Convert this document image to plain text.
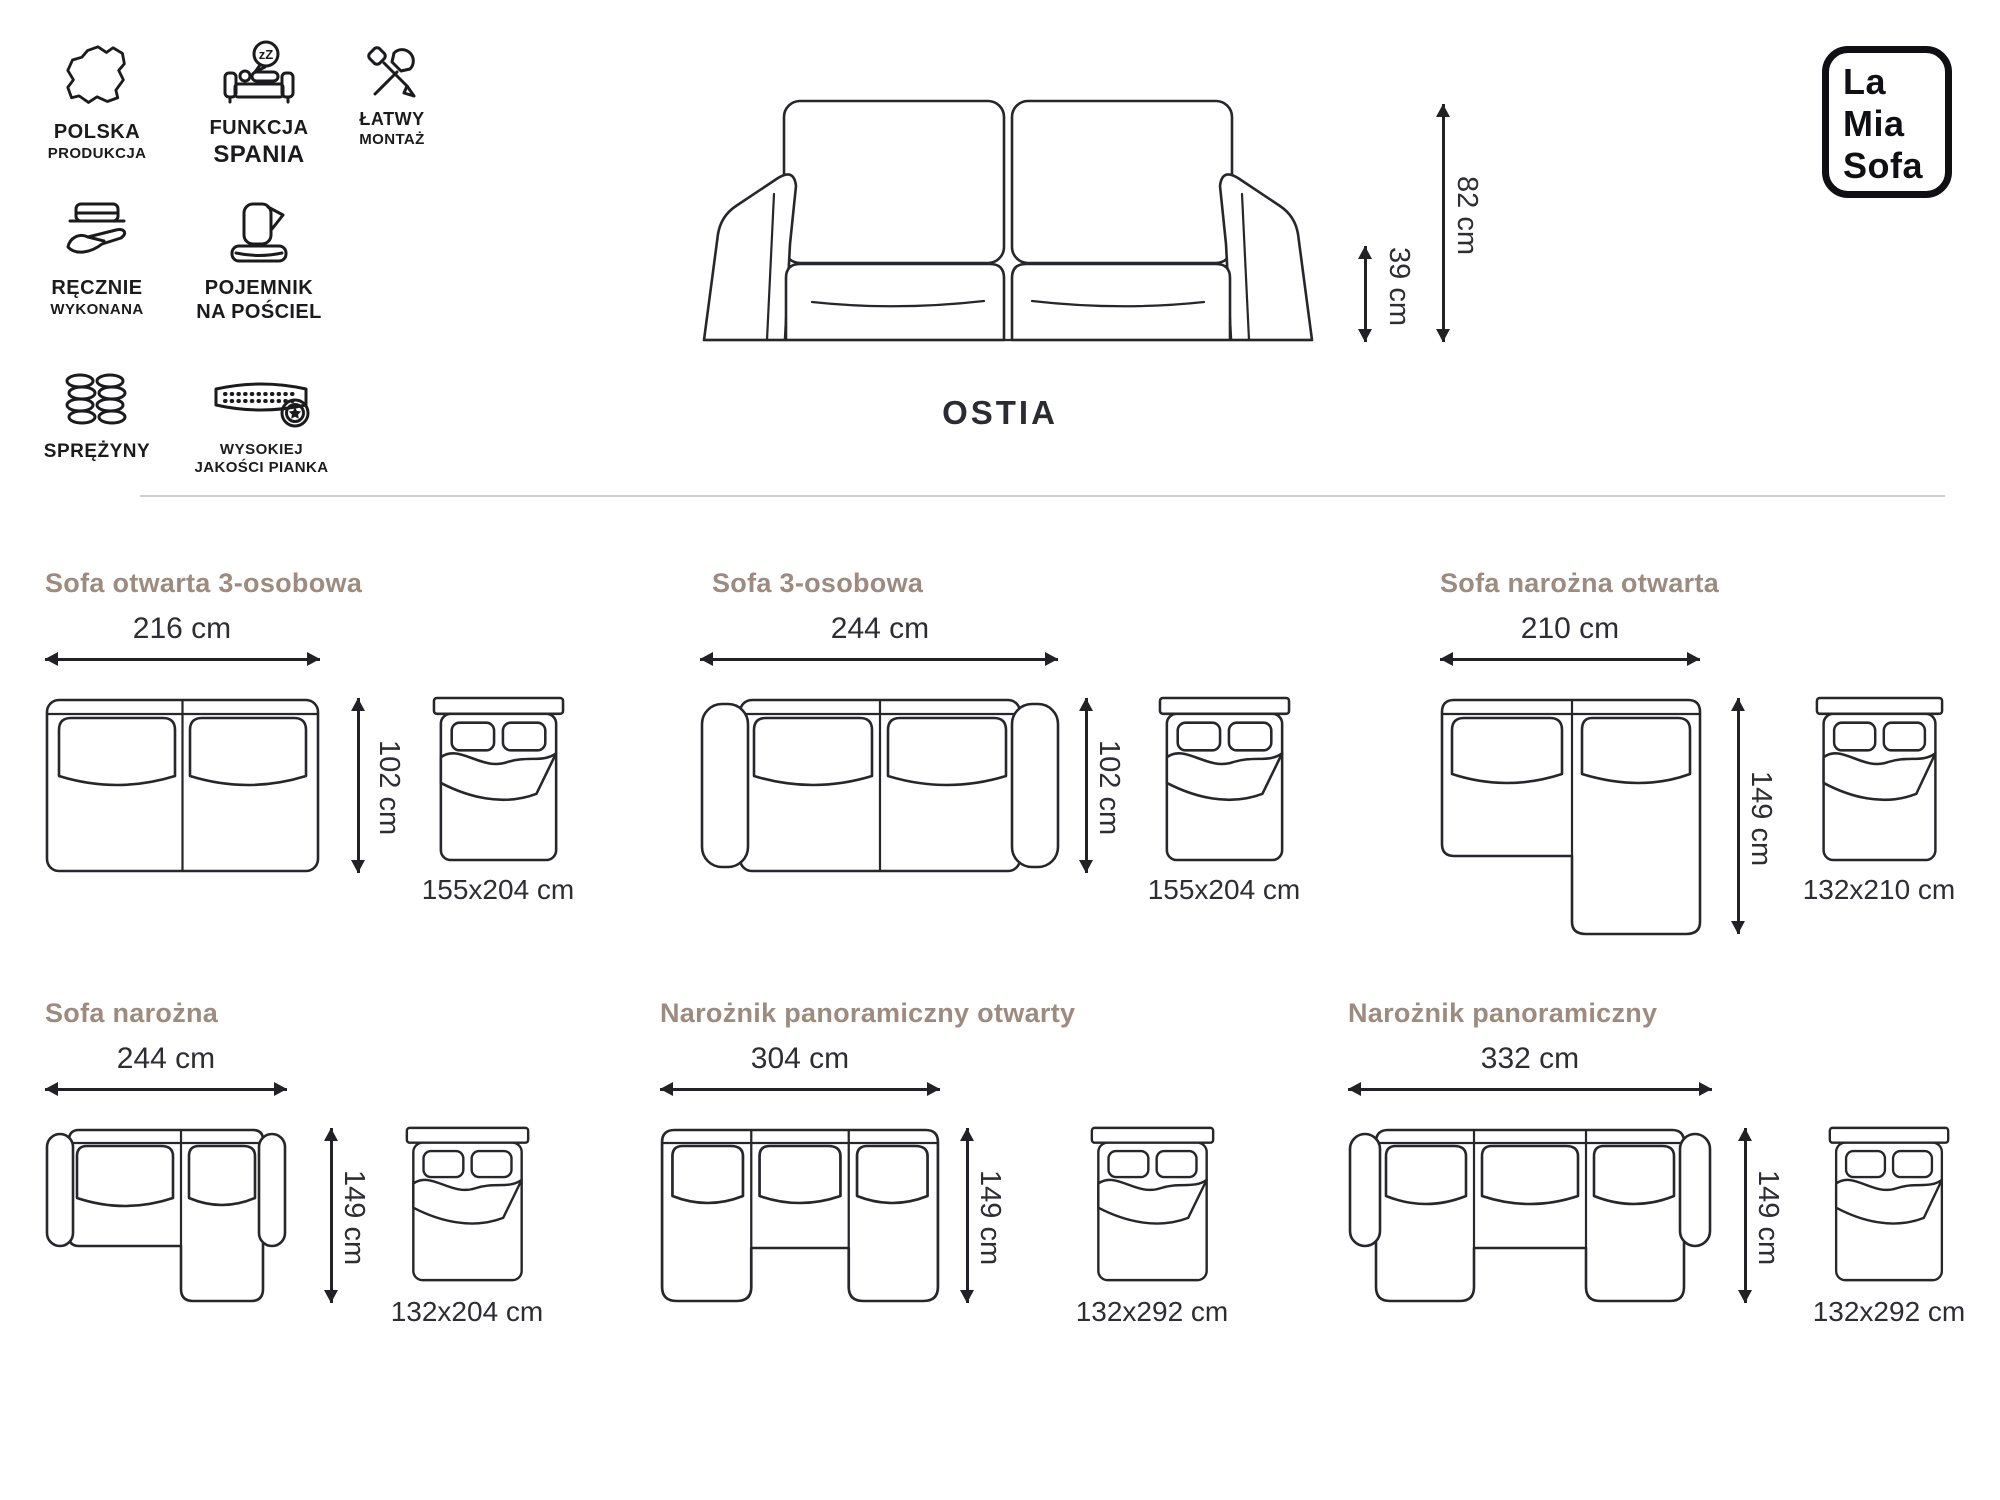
POLSKA
PRODUKCJA
zZ
FUNKCJA
SPANIA
ŁATWY
MONTAŻ
RĘCZNIE
WYKONANA
POJEMNIK
NA POŚCIEL
SPRĘŻYNY	WYSOKIEJ
JAKOŚCI PIANKA
La
Mia
Sofa
39 cm
82 cm
OSTIA
Sofa otwarta 3-osobowa
216 cm
102 cm
155x204 cm
Sofa 3-osobowa
244 cm
102 cm
155x204 cm
Sofa narożna otwarta
210 cm
149 cm
132x210 cm
Sofa narożna
244 cm
149 cm
132x204 cm
Narożnik panoramiczny otwarty
304 cm
149 cm
132x292 cm
Narożnik panoramiczny
332 cm
149 cm
132x292 cm
